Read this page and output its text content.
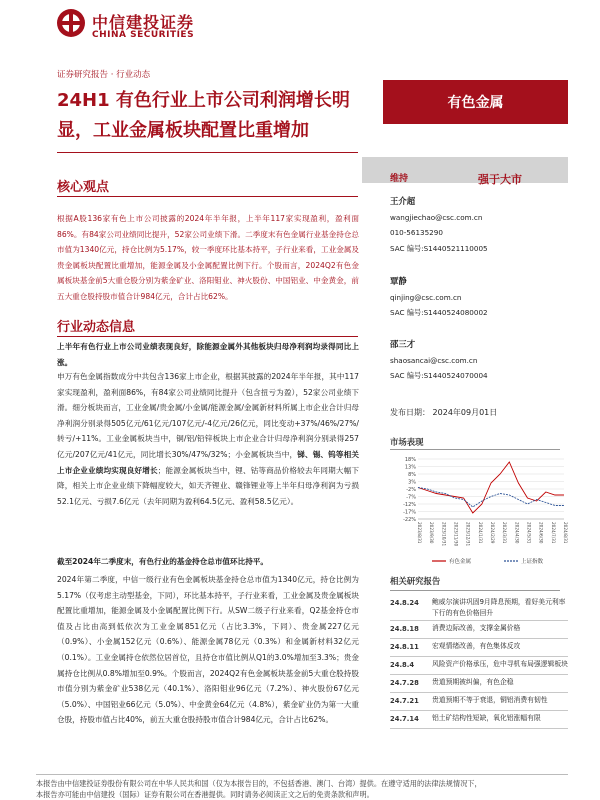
中信建投证券
CHINA SECURITIES
证券研究报告 · 行业动态
24H1 有色行业上市公司利润增长明显，工业金属板块配置比重增加
有色金属
核心观点
根据A股136家有色上市公司披露的2024年半年报，上半年117家实现盈利，盈利面86%。有84家公司业绩同比提升，52家公司业绩下滑。二季度末有色金属行业基金持仓总市值为1340亿元，持仓比例为5.17%，较一季度环比基本持平，子行业来看，工业金属及贵金属板块配置比重增加，能源金属及小金属配置比例下行。个股而言，2024Q2有色金属板块基金前5大重仓股分别为紫金矿业、洛阳钼业、神火股份、中国铝业、中金黄金，前五大重仓股持股市值合计984亿元，合计占比62%。
行业动态信息
上半年有色行业上市公司业绩表现良好，除能源金属外其他板块归母净利润均录得同比上涨。
申万有色金属指数成分中共包含136家上市企业，根据其披露的2024年半年报，其中117家实现盈利，盈利面86%，有84家公司业绩同比提升（包含扭亏为盈），52家公司业绩下滑。细分板块而言，工业金属/贵金属/小金属/能源金属/金属新材料所属上市企业合计归母净利润分别录得505亿元/61亿元/107亿元/-4亿元/26亿元，同比变动+37%/46%/27%/转亏/+11%。工业金属板块当中，铜/铝/铅锌板块上市企业合计归母净利润分别录得257亿元/207亿元/41亿元，同比增长30%/47%/32%；小金属板块当中，锑、锡、钨等相关上市企业业绩均实现良好增长；能源金属板块当中，锂、钴等商品价格较去年同期大幅下降，相关上市企业业绩下降幅度较大，如天齐锂业、赣锋锂业等上半年归母净利润为亏损52.1亿元、亏损7.6亿元（去年同期为盈利64.5亿元、盈利58.5亿元）。
截至2024年二季度末，有色行业的基金持仓总市值环比持平。
2024年第二季度，中信一级行业有色金属板块基金持仓总市值为1340亿元，持仓比例为5.17%（仅考虑主动型基金，下同），环比基本持平，子行业来看，工业金属及贵金属板块配置比重增加，能源金属及小金属配置比例下行。从SW二级子行业来看，Q2基金持仓市值及占比由高到低依次为工业金属851亿元（占比3.3%，下同）、贵金属227亿元（0.9%）、小金属152亿元（0.6%）、能源金属78亿元（0.3%）和金属新材料32亿元（0.1%）。工业金属持仓依然位居首位，且持仓市值比例从Q1的3.0%增加至3.3%；贵金属持仓比例从0.8%增加至0.9%。个股而言，2024Q2有色金属板块基金前5大重仓股持股市值分别为紫金矿业538亿元（40.1%）、洛阳钼业96亿元（7.2%）、神火股份67亿元（5.0%）、中国铝业66亿元（5.0%）、中金黄金64亿元（4.8%），紫金矿业仍为第一大重仓股，持股市值占比40%，前五大重仓股持股市值合计984亿元，合计占比62%。
维持	强于大市
王介超
wangjiechao@csc.com.cn
010-56135290
SAC 编号:S1440521110005
覃静
qinjing@csc.com.cn
SAC 编号:S1440524080002
邵三才
shaosancai@csc.com.cn
SAC 编号:S1440524070004
发布日期： 2024年09月01日
市场表现
-22%
-17%
-12%
-7%
-2%
3%
8%
13%
18%
2023/8/31 2023/9/30 2023/10/31 2023/11/30 2023/12/31 2024/1/31 2024/2/29 2024/3/31 2024/4/30 2024/5/31 2024/6/30 2024/7/31 2024/8/31
有色金属	上证指数
相关研究报告
24.8.24	鲍威尔演讲巩固9月降息预期，看好美元利率下行的有色价格回升
24.8.18	消费边际改善，支撑金属价格
24.8.11	宏观情绪改善，有色集体反攻
24.8.4	风险资产价格承压，危中寻机布局强逻辑板块
24.7.28	贵道预期被纠偏，有色企稳
24.7.21	贵道预期不等于衰退，铜铝消费有韧性
24.7.14	铝土矿结构性短缺，氧化铝涨幅有限
本报告由中信建投证券股份有限公司在中华人民共和国（仅为本报告目的，不包括香港、澳门、台湾）提供。在遵守适用的法律法规情况下，
本报告亦可能由中信建投（国际）证券有限公司在香港提供。同时请务必阅读正文之后的免责条款和声明。
